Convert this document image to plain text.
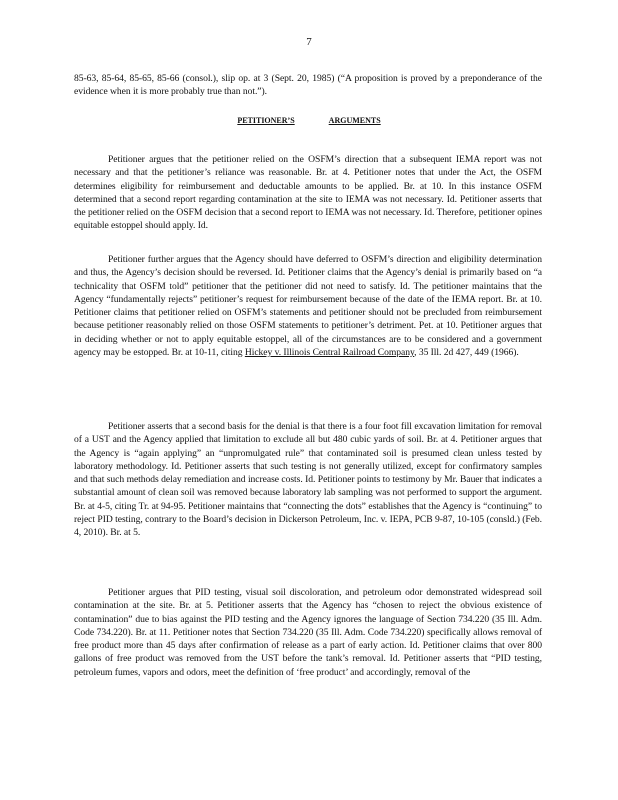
7

85-63, 85-64, 85-65, 85-66 (consol.), slip op. at 3 (Sept. 20, 1985) (“A proposition is proved by a preponderance of the evidence when it is more probably true than not.”).

PETITIONER’S	ARGUMENTS

Petitioner argues that the petitioner relied on the OSFM’s direction that a subsequent IEMA report was not necessary and that the petitioner’s reliance was reasonable. Br. at 4. Petitioner notes that under the Act, the OSFM determines eligibility for reimbursement and deductable amounts to be applied. Br. at 10. In this instance OSFM determined that a second report regarding contamination at the site to IEMA was not necessary. Id. Petitioner asserts that the petitioner relied on the OSFM decision that a second report to IEMA was not necessary. Id. Therefore, petitioner opines equitable estoppel should apply. Id.

Petitioner further argues that the Agency should have deferred to OSFM’s direction and eligibility determination and thus, the Agency’s decision should be reversed. Id. Petitioner claims that the Agency’s denial is primarily based on “a technicality that OSFM told” petitioner that the petitioner did not need to satisfy. Id. The petitioner maintains that the Agency “fundamentally rejects” petitioner’s request for reimbursement because of the date of the IEMA report. Br. at 10. Petitioner claims that petitioner relied on OSFM’s statements and petitioner should not be precluded from reimbursement because petitioner reasonably relied on those OSFM statements to petitioner’s detriment. Pet. at 10. Petitioner argues that in deciding whether or not to apply equitable estoppel, all of the circumstances are to be considered and a government agency may be estopped. Br. at 10-11, citing Hickey v. Illinois Central Railroad Company, 35 Ill. 2d 427, 449 (1966).

Petitioner asserts that a second basis for the denial is that there is a four foot fill excavation limitation for removal of a UST and the Agency applied that limitation to exclude all but 480 cubic yards of soil. Br. at 4. Petitioner argues that the Agency is “again applying” an “unpromulgated rule” that contaminated soil is presumed clean unless tested by laboratory methodology. Id. Petitioner asserts that such testing is not generally utilized, except for confirmatory samples and that such methods delay remediation and increase costs. Id. Petitioner points to testimony by Mr. Bauer that indicates a substantial amount of clean soil was removed because laboratory lab sampling was not performed to support the argument. Br. at 4-5, citing Tr. at 94-95. Petitioner maintains that “connecting the dots” establishes that the Agency is “continuing” to reject PID testing, contrary to the Board’s decision in Dickerson Petroleum, Inc. v. IEPA, PCB 9-87, 10-105 (consld.) (Feb. 4, 2010). Br. at 5.

Petitioner argues that PID testing, visual soil discoloration, and petroleum odor demonstrated widespread soil contamination at the site. Br. at 5. Petitioner asserts that the Agency has “chosen to reject the obvious existence of contamination” due to bias against the PID testing and the Agency ignores the language of Section 734.220 (35 Ill. Adm. Code 734.220). Br. at 11. Petitioner notes that Section 734.220 (35 Ill. Adm. Code 734.220) specifically allows removal of free product more than 45 days after confirmation of release as a part of early action. Id. Petitioner claims that over 800 gallons of free product was removed from the UST before the tank’s removal. Id. Petitioner asserts that “PID testing, petroleum fumes, vapors and odors, meet the definition of ‘free product’ and accordingly, removal of the
